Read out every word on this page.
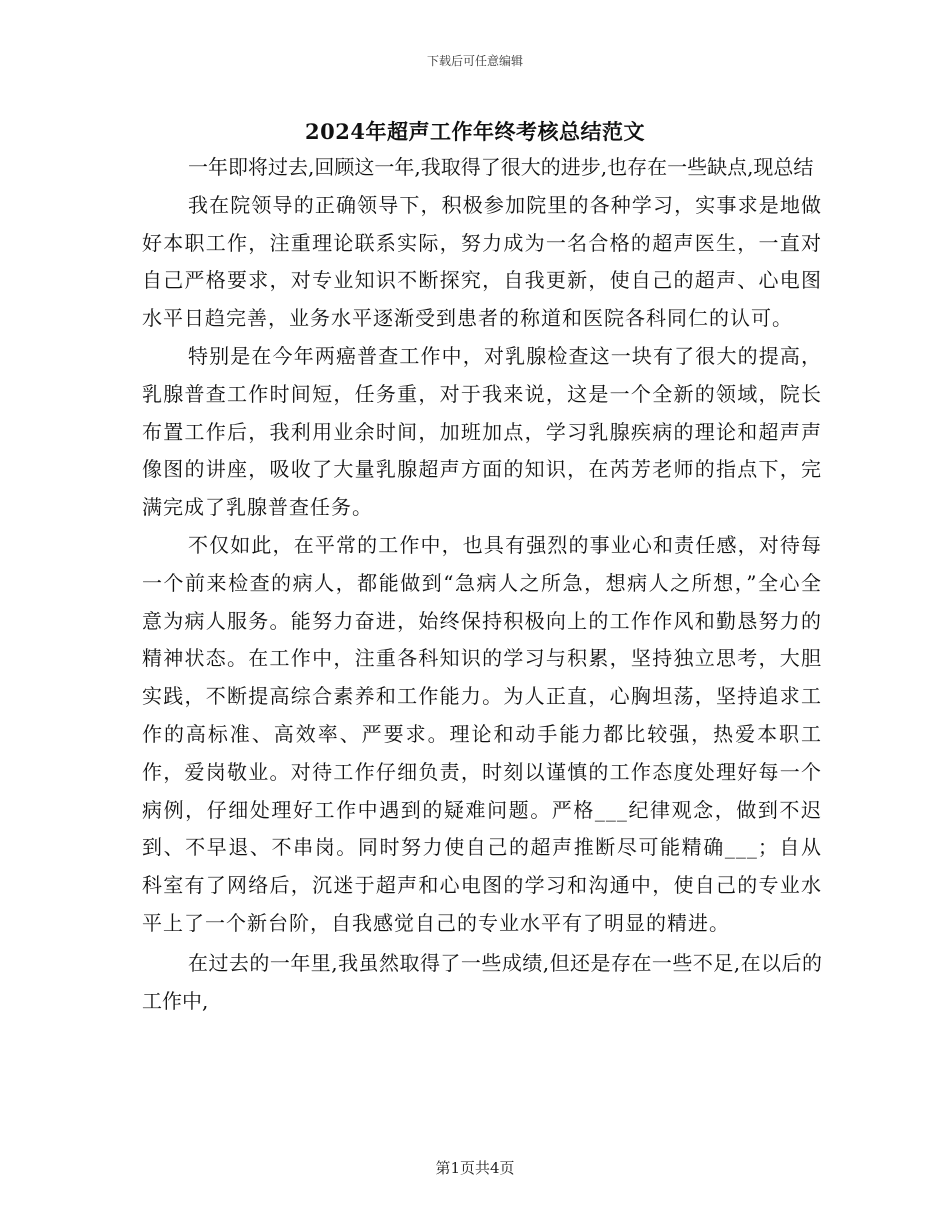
下载后可任意编辑
2024年超声工作年终考核总结范文

一年即将过去,回顾这一年,我取得了很大的进步,也存在一些缺点,现总结

我在院领导的正确领导下，积极参加院里的各种学习，实事求是地做好本职工作，注重理论联系实际，努力成为一名合格的超声医生，一直对自己严格要求，对专业知识不断探究，自我更新，使自己的超声、心电图水平日趋完善，业务水平逐渐受到患者的称道和医院各科同仁的认可。

特别是在今年两癌普查工作中，对乳腺检查这一块有了很大的提高，乳腺普查工作时间短，任务重，对于我来说，这是一个全新的领域，院长布置工作后，我利用业余时间，加班加点，学习乳腺疾病的理论和超声声像图的讲座，吸收了大量乳腺超声方面的知识，在芮芳老师的指点下，完满完成了乳腺普查任务。

不仅如此，在平常的工作中，也具有强烈的事业心和责任感，对待每一个前来检查的病人，都能做到“急病人之所急，想病人之所想，”全心全意为病人服务。能努力奋进，始终保持积极向上的工作作风和勤恳努力的精神状态。在工作中，注重各科知识的学习与积累，坚持独立思考，大胆实践，不断提高综合素养和工作能力。为人正直，心胸坦荡，坚持追求工作的高标准、高效率、严要求。理论和动手能力都比较强，热爱本职工作，爱岗敬业。对待工作仔细负责，时刻以谨慎的工作态度处理好每一个病例，仔细处理好工作中遇到的疑难问题。严格___纪律观念，做到不迟到、不早退、不串岗。同时努力使自己的超声推断尽可能精确___；自从科室有了网络后，沉迷于超声和心电图的学习和沟通中，使自己的专业水平上了一个新台阶，自我感觉自己的专业水平有了明显的精进。

在过去的一年里,我虽然取得了一些成绩,但还是存在一些不足,在以后的工作中,

第1页共4页
